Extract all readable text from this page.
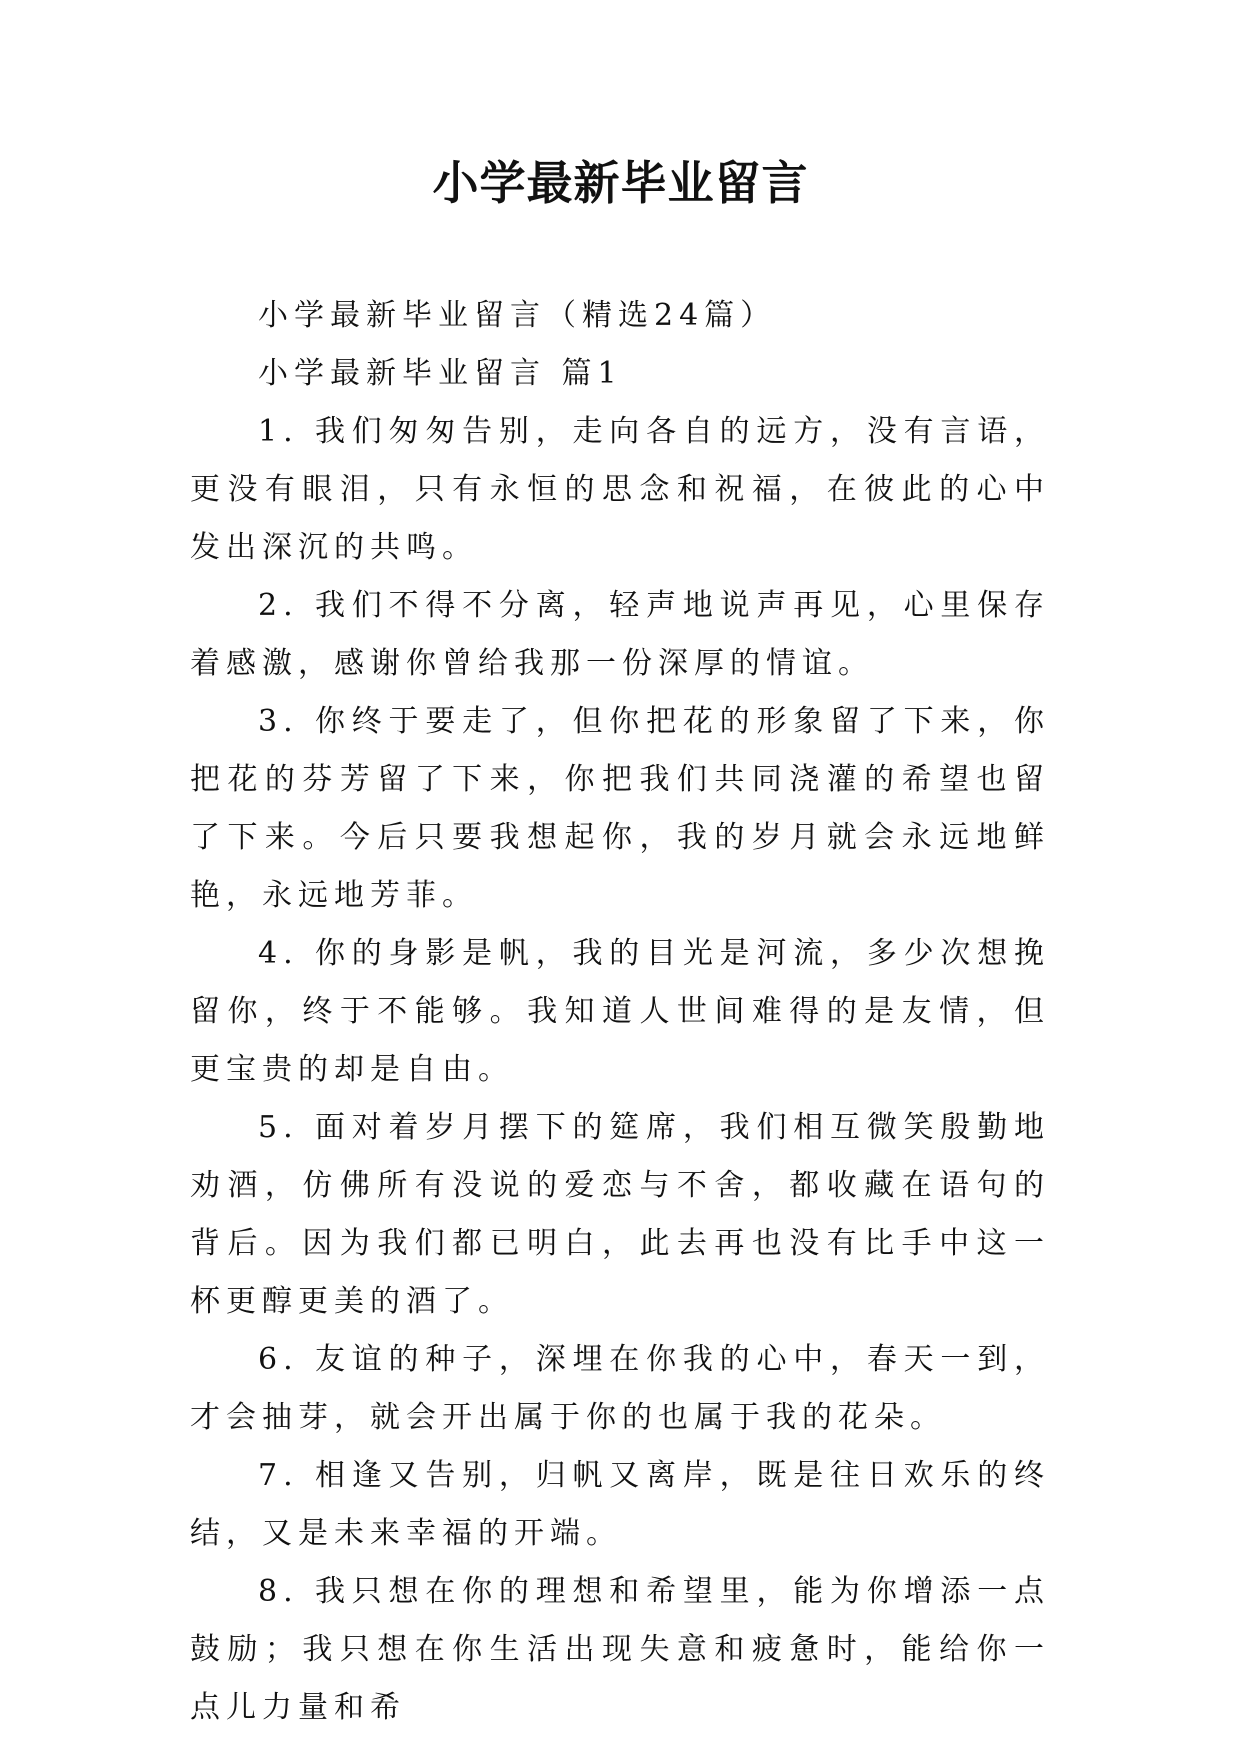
小学最新毕业留言

小学最新毕业留言（精选24篇）

小学最新毕业留言 篇1

1. 我们匆匆告别，走向各自的远方，没有言语，更没有眼泪，只有永恒的思念和祝福，在彼此的心中发出深沉的共鸣。

2. 我们不得不分离，轻声地说声再见，心里保存着感激，感谢你曾给我那一份深厚的情谊。

3. 你终于要走了，但你把花的形象留了下来，你把花的芬芳留了下来，你把我们共同浇灌的希望也留了下来。今后只要我想起你，我的岁月就会永远地鲜艳，永远地芳菲。

4. 你的身影是帆，我的目光是河流，多少次想挽留你，终于不能够。我知道人世间难得的是友情，但更宝贵的却是自由。

5. 面对着岁月摆下的筵席，我们相互微笑殷勤地劝酒，仿佛所有没说的爱恋与不舍，都收藏在语句的背后。因为我们都已明白，此去再也没有比手中这一杯更醇更美的酒了。

6. 友谊的种子，深埋在你我的心中，春天一到，才会抽芽，就会开出属于你的也属于我的花朵。

7. 相逢又告别，归帆又离岸，既是往日欢乐的终结，又是未来幸福的开端。

8. 我只想在你的理想和希望里，能为你增添一点鼓励；我只想在你生活出现失意和疲惫时，能给你一点儿力量和希
